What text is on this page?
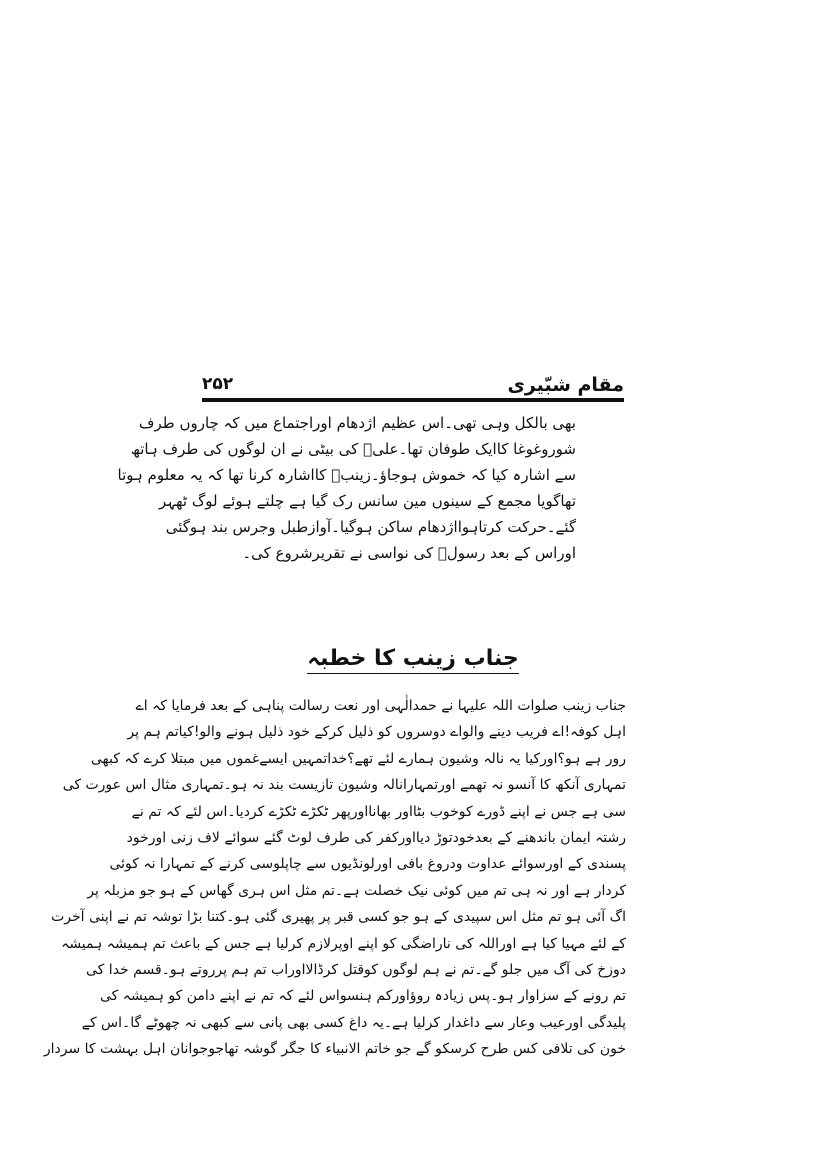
مقام شبّیری
۲۵۲
بھی بالکل وہی تھی۔اس عظیم اژدھام اوراجتماع میں کہ چاروں طرف
شوروغوغا کاایک طوفان تھا۔علیؑ کی بیٹی نے ان لوگوں کی طرف ہاتھ
سے اشارہ کیا کہ خموش ہوجاؤ۔زینبؑ کااشارہ کرنا تھا کہ یہ معلوم ہوتا
تھاگویا مجمع کے سینوں مین سانس رک گیا ہے چلتے ہوئے لوگ ٹھہر
گئے۔حرکت کرتاہوااژدھام ساکن ہوگیا۔آوازطبل وجرس بند ہوگئی
اوراس کے بعد رسولؐ کی نواسی نے تقریرشروع کی۔
جناب زینب کا خطبہ
جناب زینب صلوات اللہ علیہا نے حمدالٰہی اور نعت رسالت پناہی کے بعد فرمایا کہ اے
اہل کوفہ!اے فریب دینے والواے دوسروں کو ذلیل کرکے خود ذلیل ہونے والو!کیاتم ہم پر
رور ہے ہو؟اورکیا یہ نالہ وشیون ہمارے لئے تھے؟خداتمہیں ایسےغموں میں مبتلا کرے کہ کبھی
تمہاری آنکھ کا آنسو نہ تھمے اورتمہارانالہ وشیون تازیست بند نہ ہو۔تمہاری مثال اس عورت کی
سی ہے جس نے اپنے ڈورے کوخوب بٹااور بھانااورپھر ٹکڑے ٹکڑے کردیا۔اس لئے کہ تم نے
رشتہ ایمان باندھنے کے بعدخودتوڑ دیااورکفر کی طرف لوٹ گئے سوائے لاف زنی اورخود
پسندی کے اورسوائے عداوت ودروغ بافی اورلونڈیوں سے چاپلوسی کرنے کے تمہارا نہ کوئی
کردار ہے اور نہ ہی تم میں کوئی نیک خصلت ہے۔تم مثل اس ہری گھاس کے ہو جو مزبلہ پر
اگ آئی ہو تم مثل اس سپیدی کے ہو جو کسی قبر پر پھیری گئی ہو۔کتنا بڑا توشہ تم نے اپنی آخرت
کے لئے مہیا کیا ہے اوراللہ کی ناراضگی کو اپنے اوپرلازم کرلیا ہے جس کے باعث تم ہمیشہ ہمیشہ
دوزخ کی آگ میں جلو گے۔تم نے ہم لوگوں کوقتل کرڈالااوراب تم ہم پرروتے ہو۔قسم خدا کی
تم رونے کے سزاوار ہو۔پس زیادہ روؤاورکم ہنسواس لئے کہ تم نے اپنے دامن کو ہمیشہ کی
پلیدگی اورعیب وعار سے داغدار کرلیا ہے۔یہ داغ کسی بھی پانی سے کبھی نہ چھوٹے گا۔اس کے
خون کی تلافی کس طرح کرسکو گے جو خاتم الانبیاء کا جگر گوشہ تھاجوجوانان اہل بہشت کا سردار
